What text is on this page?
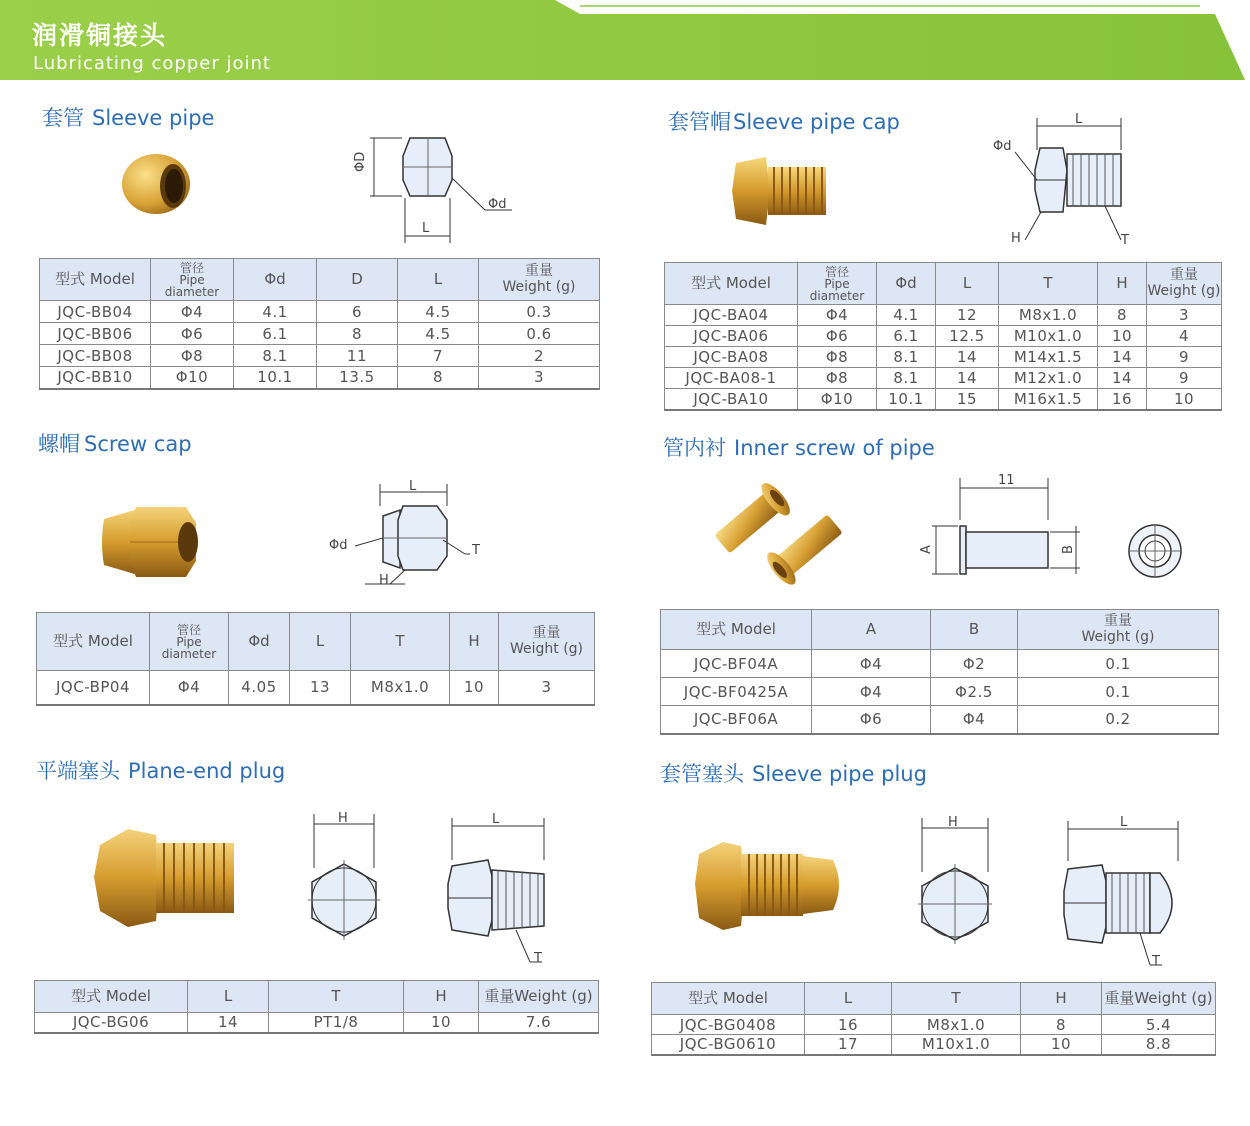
润滑铜接头
Lubricating copper joint
套管 Sleeve pipe
ΦD
Φd
L
型式 Model	管径
Pipe
diameter	Φd	D	L	重量
Weight (g)

JQC-BB04	Φ4	4.1	6	4.5	0.3
JQC-BB06	Φ6	6.1	8	4.5	0.6
JQC-BB08	Φ8	8.1	11	7	2
JQC-BB10	Φ10	10.1	13.5	8	3
套管帽Sleeve pipe cap	L
Φd
H	T
型式 Model	管径
Pipe
diameter	Φd	L	T	H	重量
Weight (g)

JQC-BA04	Φ4	4.1	12	M8x1.0	8	3
JQC-BA06	Φ6	6.1	12.5	M10x1.0	10	4
JQC-BA08	Φ8	8.1	14	M14x1.5	14	9
JQC-BA08-1	Φ8	8.1	14	M12x1.0	14	9
JQC-BA10	Φ10	10.1	15	M16x1.5	16	10
螺帽 Screw cap
L
Φd	T
H
型式 Model	管径
Pipe
diameter	Φd	L	T	H	重量
Weight (g)

JQC-BP04	Φ4	4.05	13	M8x1.0	10	3
管内衬 Inner screw of pipe
11
A	B
型式 Model	A	B	重量
Weight (g)

JQC-BF04A	Φ4	Φ2	0.1
JQC-BF0425A	Φ4	Φ2.5	0.1
JQC-BF06A	Φ6	Φ4	0.2
平端塞头 Plane-end plug
H	L
T
型式 Model	L	T	H	重量Weight (g)
JQC-BG06	14	PT1/8	10	7.6
套管塞头 Sleeve pipe plug
H	L
T
型式 Model	L	T	H	重量Weight (g)
JQC-BG0408	16	M8x1.0	8	5.4
JQC-BG0610	17	M10x1.0	10	8.8
